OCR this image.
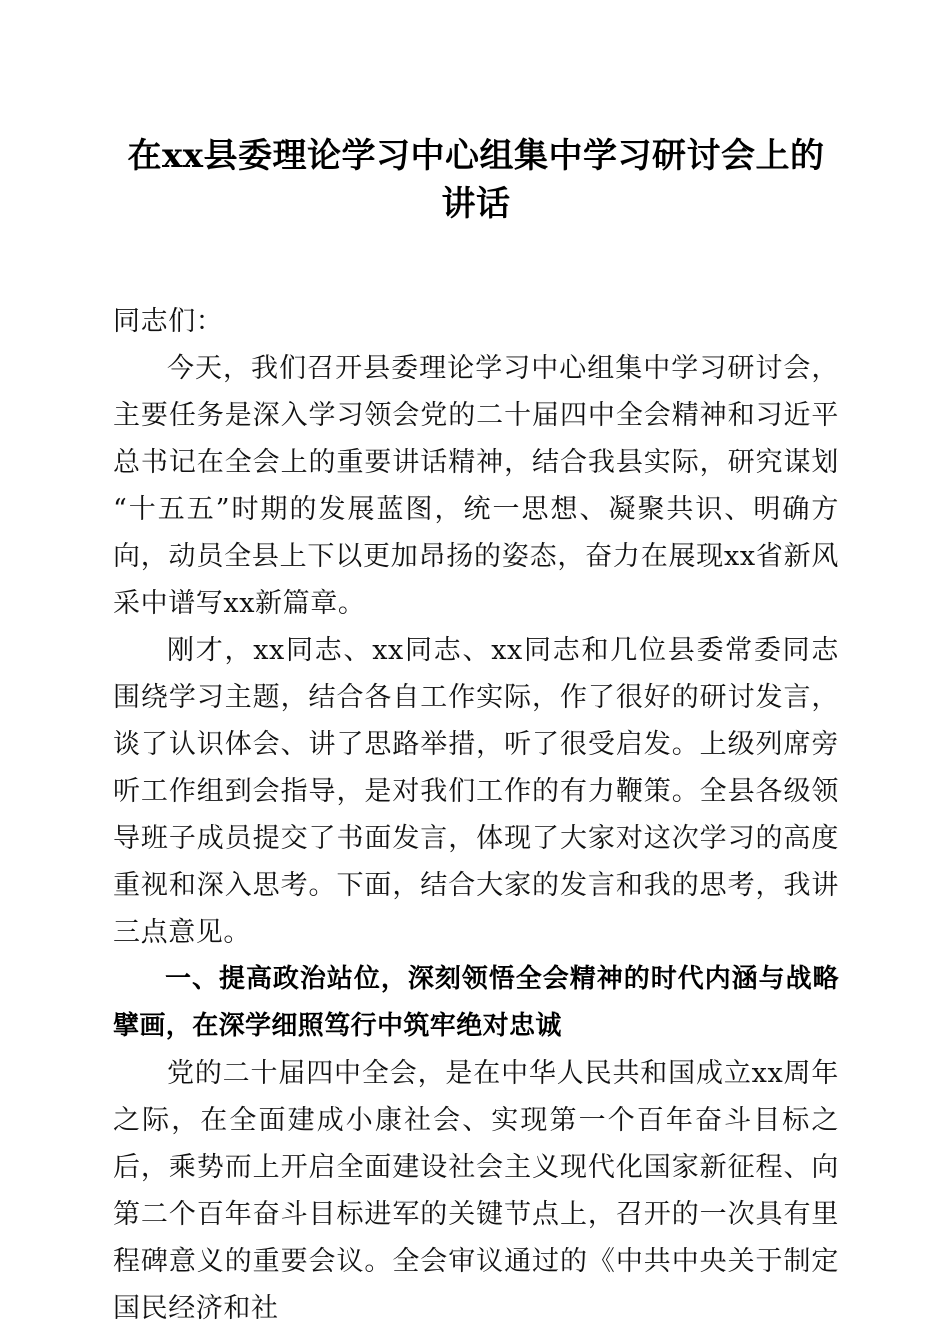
在xx县委理论学习中心组集中学习研讨会上的讲话

同志们：

今天，我们召开县委理论学习中心组集中学习研讨会，主要任务是深入学习领会党的二十届四中全会精神和习近平总书记在全会上的重要讲话精神，结合我县实际，研究谋划“十五五”时期的发展蓝图，统一思想、凝聚共识、明确方向，动员全县上下以更加昂扬的姿态，奋力在展现xx省新风采中谱写xx新篇章。

刚才，xx同志、xx同志、xx同志和几位县委常委同志围绕学习主题，结合各自工作实际，作了很好的研讨发言，谈了认识体会、讲了思路举措，听了很受启发。上级列席旁听工作组到会指导，是对我们工作的有力鞭策。全县各级领导班子成员提交了书面发言，体现了大家对这次学习的高度重视和深入思考。下面，结合大家的发言和我的思考，我讲三点意见。

一、提高政治站位，深刻领悟全会精神的时代内涵与战略擘画，在深学细照笃行中筑牢绝对忠诚

党的二十届四中全会，是在中华人民共和国成立xx周年之际，在全面建成小康社会、实现第一个百年奋斗目标之后，乘势而上开启全面建设社会主义现代化国家新征程、向第二个百年奋斗目标进军的关键节点上，召开的一次具有里程碑意义的重要会议。全会审议通过的《中共中央关于制定国民经济和社
